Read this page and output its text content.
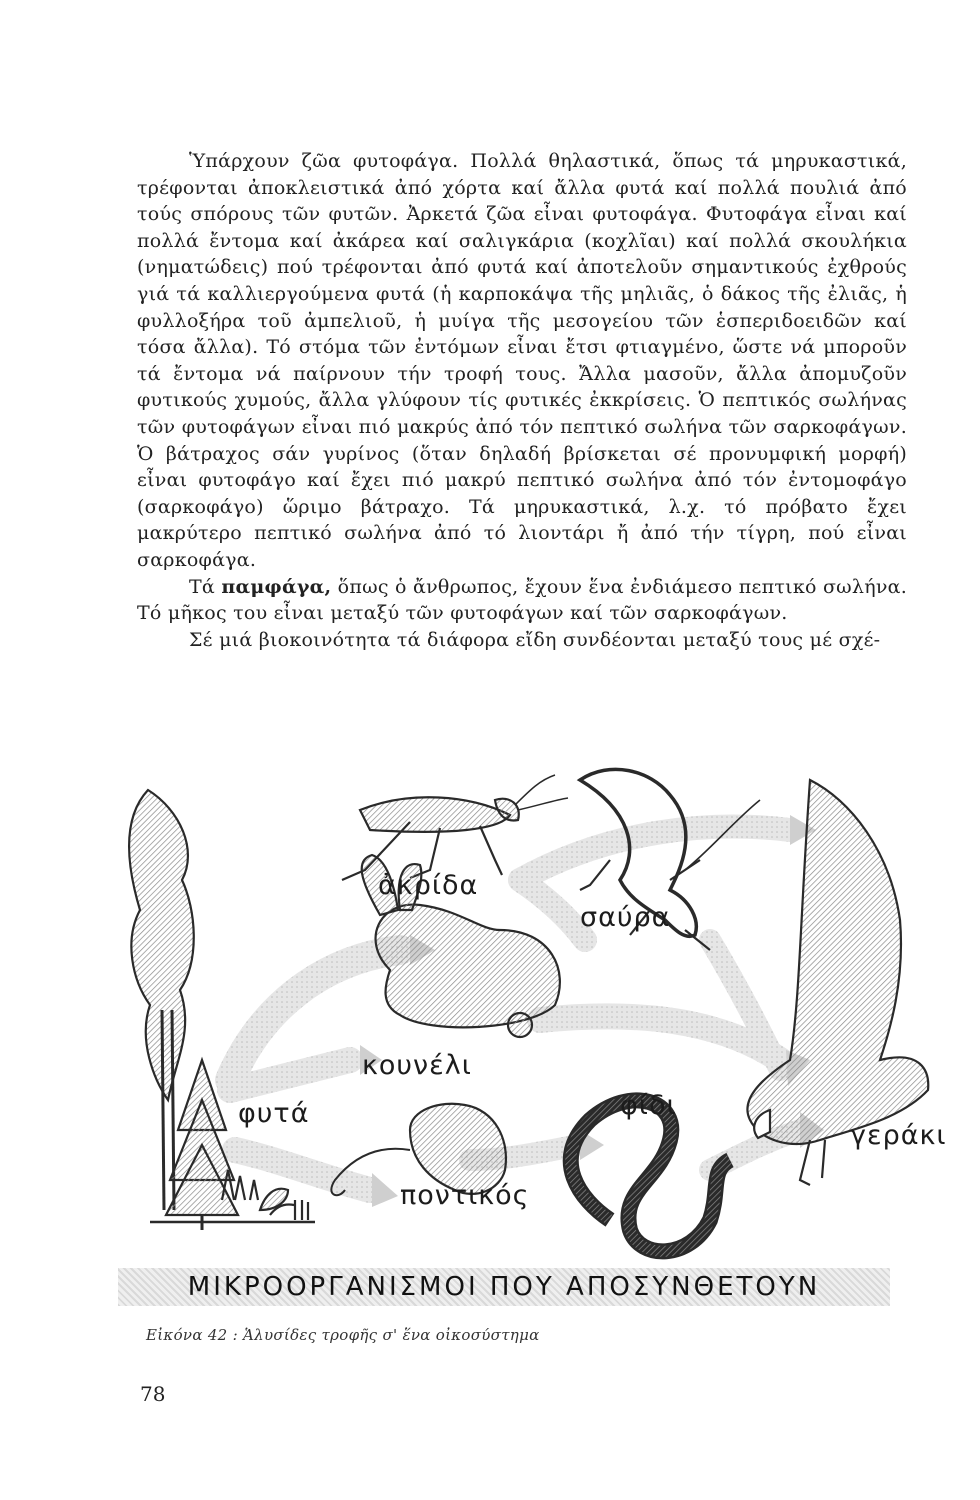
Ὑπάρχουν ζῶα φυτοφάγα. Πολλά θηλαστικά, ὅπως τά μηρυκαστικά, τρέφονται ἀποκλειστικά ἀπό χόρτα καί ἄλλα φυτά καί πολλά πουλιά ἀπό τούς σπόρους τῶν φυτῶν. Ἀρκετά ζῶα εἶναι φυτοφάγα. Φυτοφάγα εἶναι καί πολλά ἔντομα καί ἀκάρεα καί σαλιγκάρια (κοχλῖαι) καί πολλά σκουλήκια (νηματώδεις) πού τρέφονται ἀπό φυτά καί ἀποτελοῦν σημαντικούς ἐχθρούς γιά τά καλλιεργούμενα φυτά (ἡ καρποκάψα τῆς μηλιᾶς, ὁ δάκος τῆς ἐλιᾶς, ἡ φυλλοξήρα τοῦ ἀμπελιοῦ, ἡ μυίγα τῆς μεσογείου τῶν ἑσπεριδοειδῶν καί τόσα ἄλλα). Τό στόμα τῶν ἐντόμων εἶναι ἔτσι φτιαγμένο, ὥστε νά μποροῦν τά ἔντομα νά παίρνουν τήν τροφή τους. Ἄλλα μασοῦν, ἄλλα ἀπομυζοῦν φυτικούς χυμούς, ἄλλα γλύφουν τίς φυτικές ἐκκρίσεις. Ὁ πεπτικός σωλήνας τῶν φυτοφάγων εἶναι πιό μακρύς ἀπό τόν πεπτικό σωλήνα τῶν σαρκοφάγων. Ὁ βάτραχος σάν γυρίνος (ὅταν δηλαδή βρίσκεται σέ προνυμφική μορφή) εἶναι φυτοφάγο καί ἔχει πιό μακρύ πεπτικό σωλήνα ἀπό τόν ἐντομοφάγο (σαρκοφάγο) ὥριμο βάτραχο. Τά μηρυκαστικά, λ.χ. τό πρόβατο ἔχει μακρύτερο πεπτικό σωλήνα ἀπό τό λιοντάρι ἤ ἀπό τήν τίγρη, πού εἶναι σαρκοφάγα.

Τά παμφάγα, ὅπως ὁ ἄνθρωπος, ἔχουν ἕνα ἐνδιάμεσο πεπτικό σωλήνα. Τό μῆκος του εἶναι μεταξύ τῶν φυτοφάγων καί τῶν σαρκοφάγων.

Σέ μιά βιοκοινότητα τά διάφορα εἴδη συνδέονται μεταξύ τους μέ σχέ-

ἀκρίδα
σαύρα
κουνέλι
φυτά	φίδι
γεράκι
ποντικός
ΜΙΚΡΟΟΡΓΑΝΙΣΜΟΙ ΠΟΥ ΑΠΟΣΥΝΘΕΤΟΥΝ
Εἰκόνα 42 : Ἁλυσίδες τροφῆς σ' ἕνα οἰκοσύστημα
78
